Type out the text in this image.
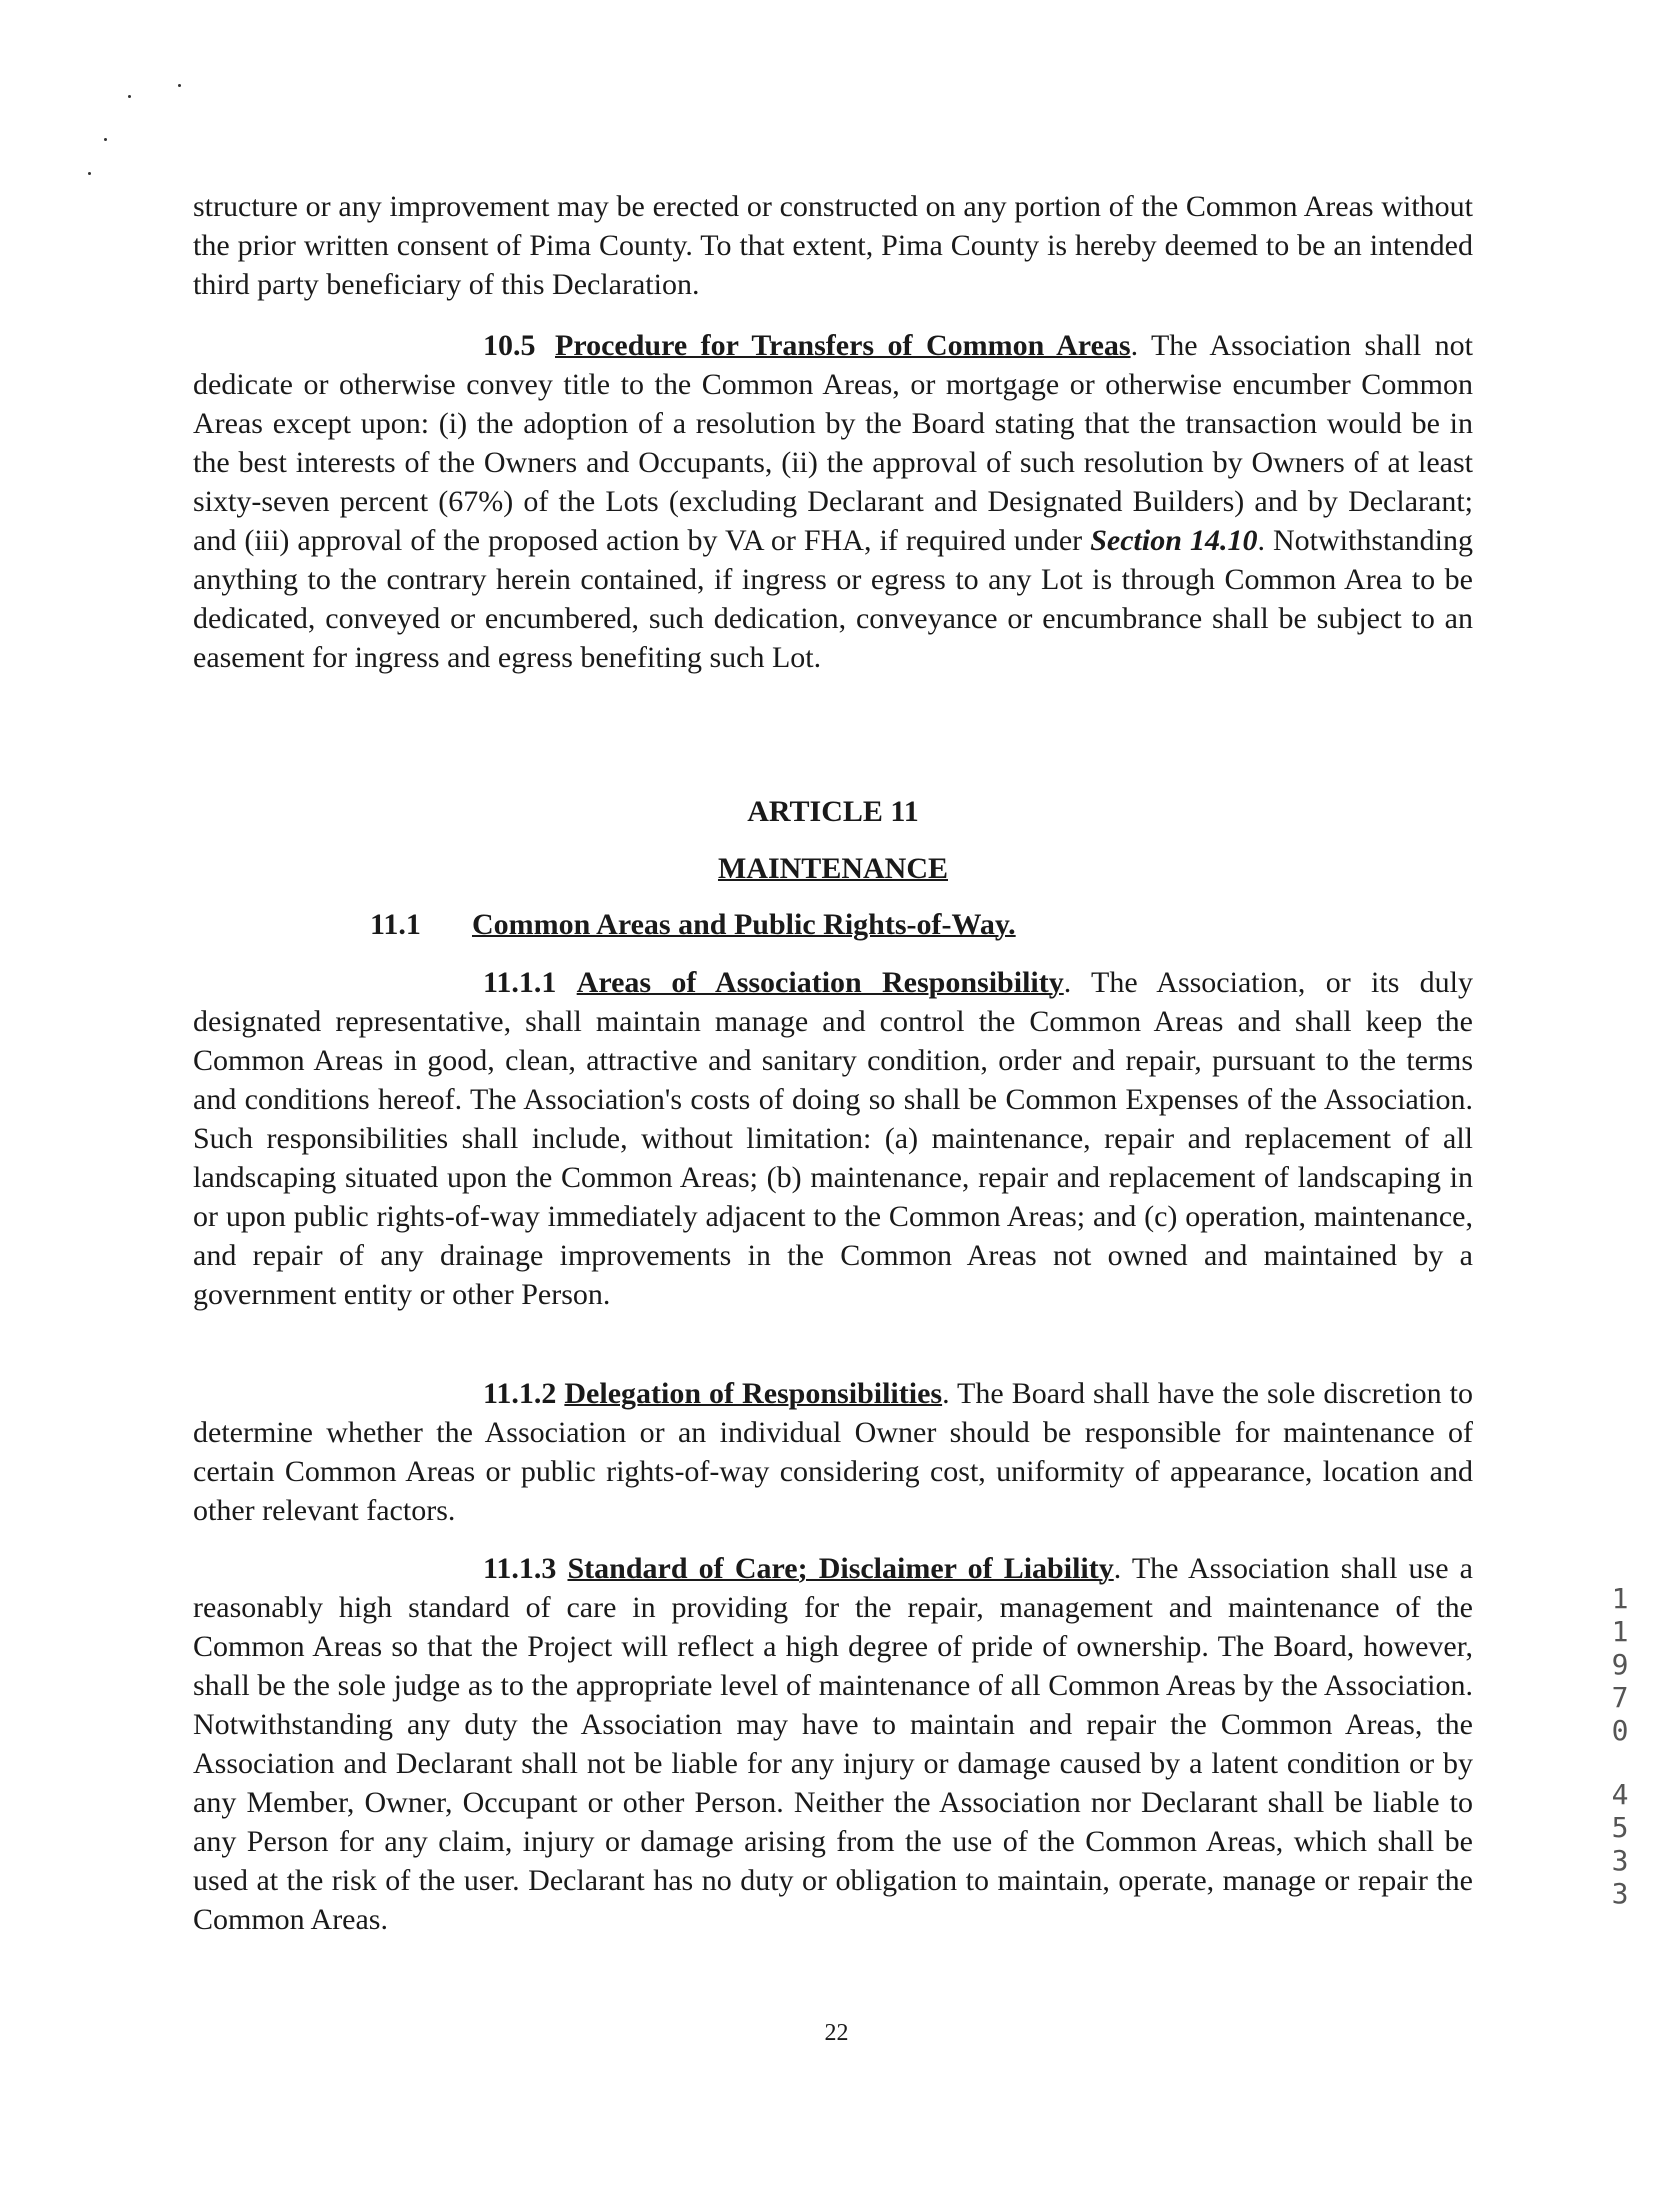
structure or any improvement may be erected or constructed on any portion of the Common Areas without the prior written consent of Pima County. To that extent, Pima County is hereby deemed to be an intended third party beneficiary of this Declaration.

10.5 Procedure for Transfers of Common Areas. The Association shall not dedicate or otherwise convey title to the Common Areas, or mortgage or otherwise encumber Common Areas except upon: (i) the adoption of a resolution by the Board stating that the transaction would be in the best interests of the Owners and Occupants, (ii) the approval of such resolution by Owners of at least sixty-seven percent (67%) of the Lots (excluding Declarant and Designated Builders) and by Declarant; and (iii) approval of the proposed action by VA or FHA, if required under Section 14.10. Notwithstanding anything to the contrary herein contained, if ingress or egress to any Lot is through Common Area to be dedicated, conveyed or encumbered, such dedication, conveyance or encumbrance shall be subject to an easement for ingress and egress benefiting such Lot.

ARTICLE 11
MAINTENANCE
11.1 Common Areas and Public Rights-of-Way.

11.1.1 Areas of Association Responsibility. The Association, or its duly designated representative, shall maintain manage and control the Common Areas and shall keep the Common Areas in good, clean, attractive and sanitary condition, order and repair, pursuant to the terms and conditions hereof. The Association's costs of doing so shall be Common Expenses of the Association. Such responsibilities shall include, without limitation: (a) maintenance, repair and replacement of all landscaping situated upon the Common Areas; (b) maintenance, repair and replacement of landscaping in or upon public rights-of-way immediately adjacent to the Common Areas; and (c) operation, maintenance, and repair of any drainage improvements in the Common Areas not owned and maintained by a government entity or other Person.

11.1.2 Delegation of Responsibilities. The Board shall have the sole discretion to determine whether the Association or an individual Owner should be responsible for maintenance of certain Common Areas or public rights-of-way considering cost, uniformity of appearance, location and other relevant factors.

11.1.3 Standard of Care; Disclaimer of Liability. The Association shall use a reasonably high standard of care in providing for the repair, management and maintenance of the Common Areas so that the Project will reflect a high degree of pride of ownership. The Board, however, shall be the sole judge as to the appropriate level of maintenance of all Common Areas by the Association. Notwithstanding any duty the Association may have to maintain and repair the Common Areas, the Association and Declarant shall not be liable for any injury or damage caused by a latent condition or by any Member, Owner, Occupant or other Person. Neither the Association nor Declarant shall be liable to any Person for any claim, injury or damage arising from the use of the Common Areas, which shall be used at the risk of the user. Declarant has no duty or obligation to maintain, operate, manage or repair the Common Areas.

1
1
9
7
0
4
5
3
3
22
